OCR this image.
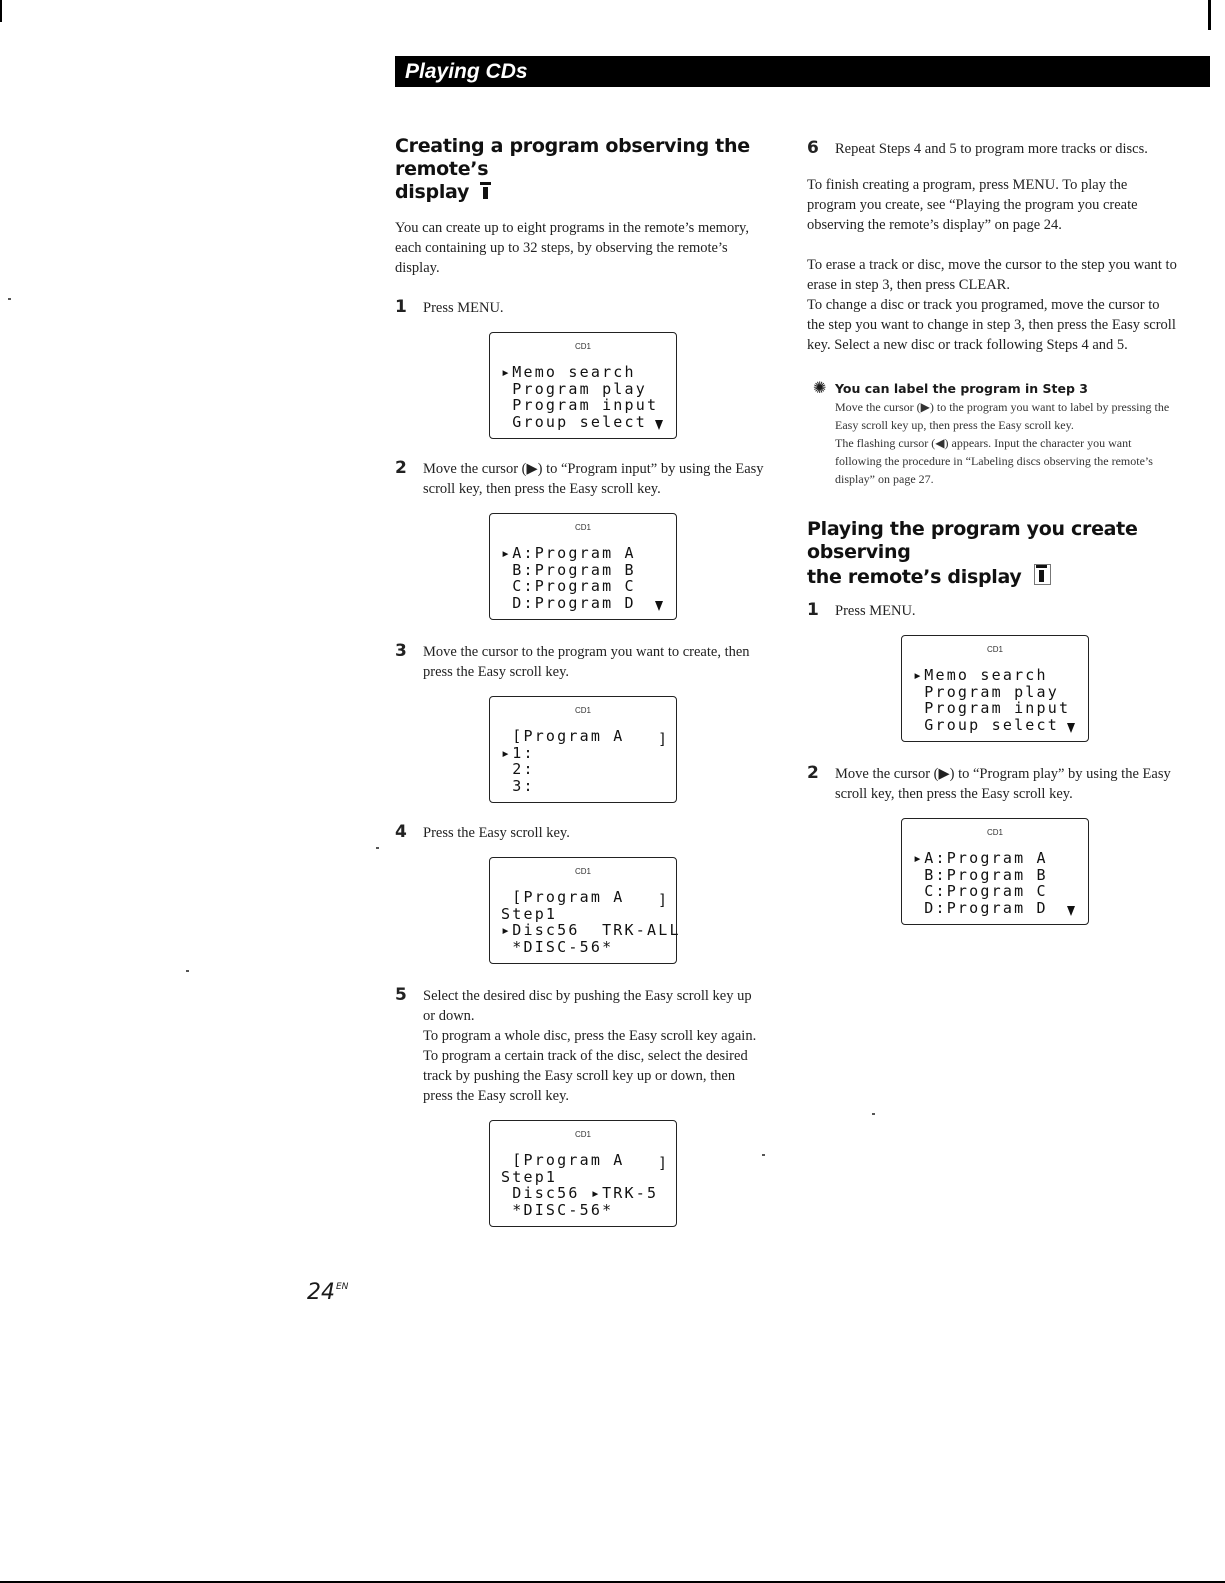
Playing CDs
Creating a program observing the remote’s
display
You can create up to eight programs in the remote’s memory, each containing up to 32 steps, by observing the remote’s display.
1 Press MENU.
CD1
▸Memo search
Program play
Program input
Group select
2 Move the cursor (▶) to “Program input” by using the Easy scroll key, then press the Easy scroll key.
CD1
▸A:Program A
B:Program B
C:Program C
D:Program D
3 Move the cursor to the program you want to create, then press the Easy scroll key.
CD1
[Program A
▸1:
2:
3:
]
4 Press the Easy scroll key.
CD1
[Program A
Step1
▸Disc56  TRK-ALL
*DISC-56*
]
5 Select the desired disc by pushing the Easy scroll key up or down.
To program a whole disc, press the Easy scroll key again.
To program a certain track of the disc, select the desired track by pushing the Easy scroll key up or down, then press the Easy scroll key.
CD1
[Program A
Step1
Disc56 ▸TRK-5
*DISC-56*
]
6 Repeat Steps 4 and 5 to program more tracks or discs.
To finish creating a program, press MENU. To play the program you create, see “Playing the program you create observing the remote’s display” on page 24.
To erase a track or disc, move the cursor to the step you want to erase in step 3, then press CLEAR.
To change a disc or track you programed, move the cursor to the step you want to change in step 3, then press the Easy scroll key. Select a new disc or track following Steps 4 and 5.
✺ You can label the program in Step 3
Move the cursor (▶) to the program you want to label by pressing the Easy scroll key up, then press the Easy scroll key.
The flashing cursor (◀) appears. Input the character you want following the procedure in “Labeling discs observing the remote’s display” on page 27.
Playing the program you create observing
the remote’s display
1 Press MENU.
CD1
▸Memo search
Program play
Program input
Group select
2 Move the cursor (▶) to “Program play” by using the Easy scroll key, then press the Easy scroll key.
CD1
▸A:Program A
B:Program B
C:Program C
D:Program D
$24^{EN}$
